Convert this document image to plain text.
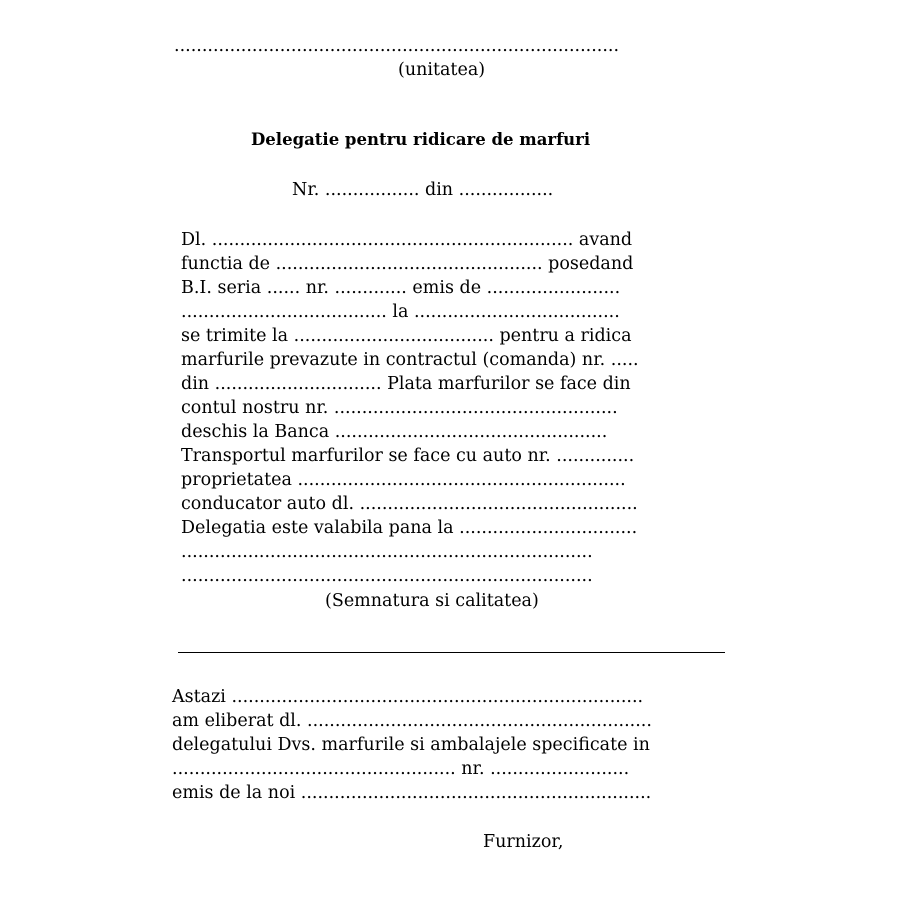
................................................................................
(unitatea)
Delegatie pentru ridicare de marfuri
Nr. ................. din .................
Dl. ................................................................. avand
functia de ................................................ posedand
B.I. seria ...... nr. ............. emis de ........................
..................................... la .....................................
se trimite la .................................... pentru a ridica
marfurile prevazute in contractul (comanda) nr. .....
din .............................. Plata marfurilor se face din
contul nostru nr. ...................................................
deschis la Banca .................................................
Transportul marfurilor se face cu auto nr. ..............
proprietatea ...........................................................
conducator auto dl. ..................................................
Delegatia este valabila pana la ................................
..........................................................................
..........................................................................
(Semnatura si calitatea)
Astazi ..........................................................................
am eliberat dl. ..............................................................
delegatului Dvs. marfurile si ambalajele specificate in
................................................... nr. .........................
emis de la noi ...............................................................
Furnizor,
